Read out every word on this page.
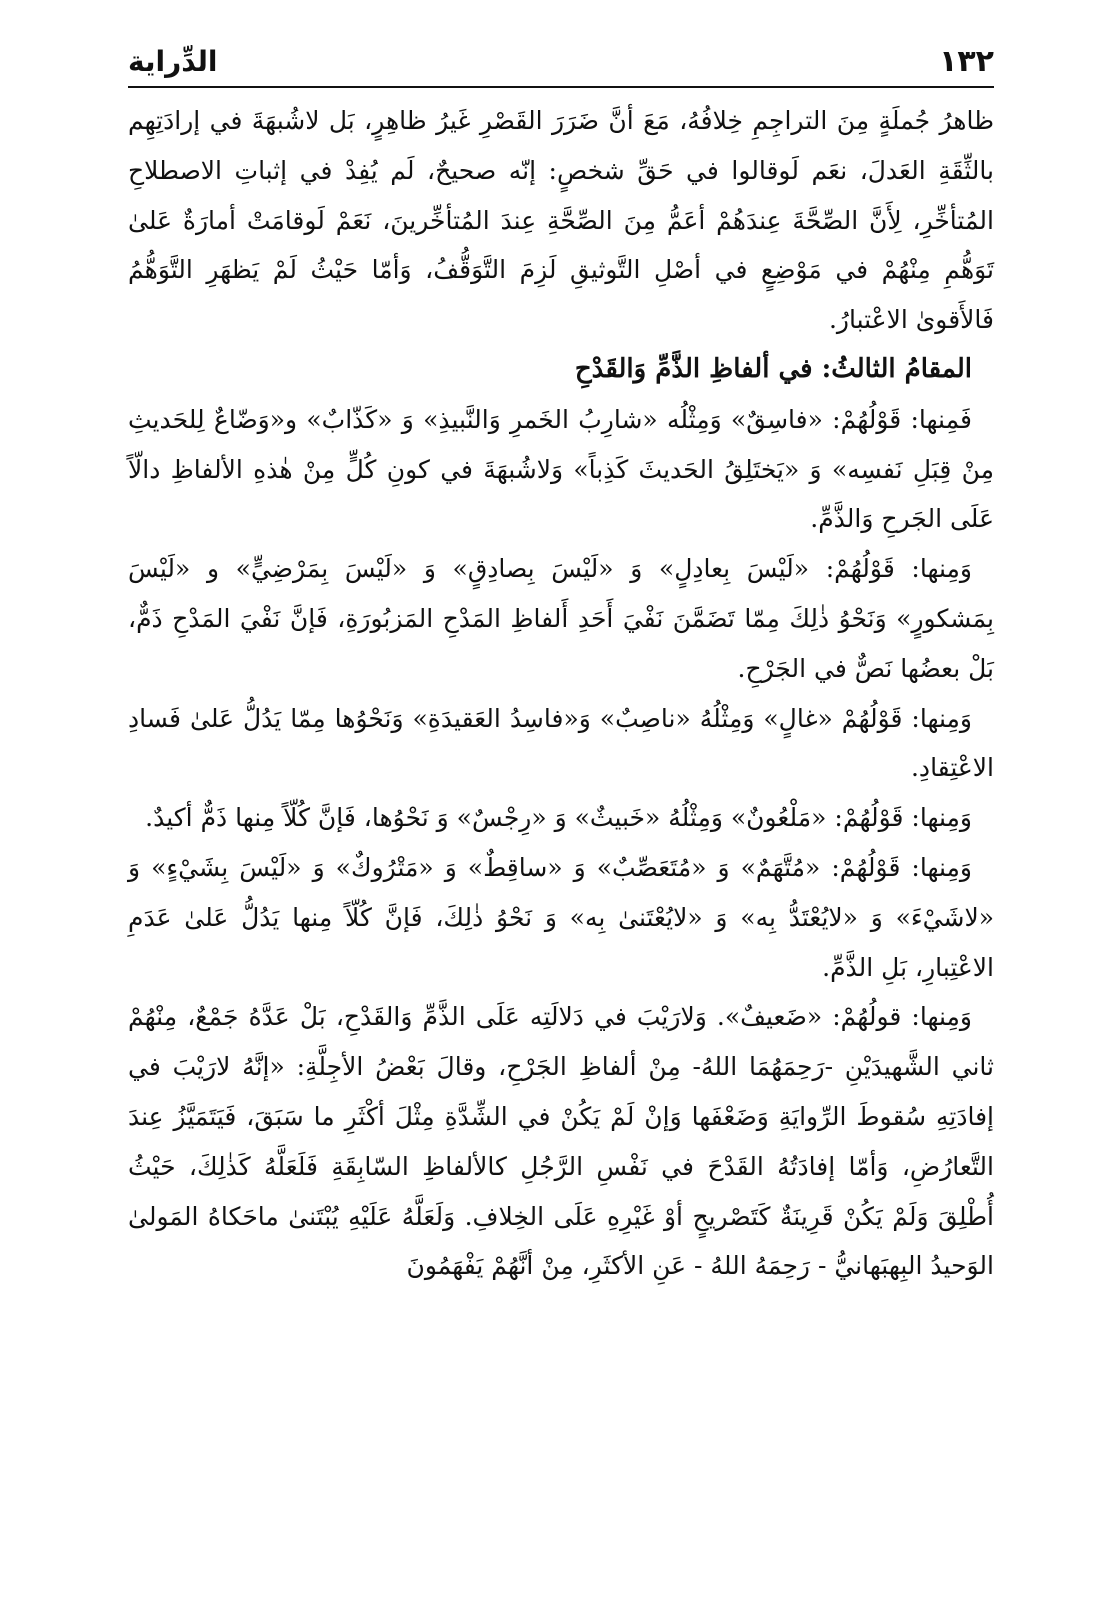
١٣٢
الدِّراية

ظاهرُ جُملَةٍ مِنَ التراجِمِ خِلافُهُ، مَعَ أنَّ ضَرَرَ القَصْرِ غَيرُ ظاهِرٍ، بَل لاشُبهَةَ في إرادَتِهِم بالثِّقَةِ العَدلَ، نعَم لَوقالوا في حَقِّ شخصٍ: إنّه صحيحٌ، لَم يُفِدْ في إثباتِ الاصطلاحِ المُتأخِّرِ، لِأَنَّ الصِّحَّةَ عِندَهُمْ أعَمُّ مِنَ الصِّحَّةِ عِندَ المُتأخِّرينَ، نَعَمْ لَوقامَتْ أمارَةٌ عَلىٰ تَوَهُّمِ مِنْهُمْ في مَوْضِعٍ في أصْلِ التَّوثيقِ لَزِمَ التَّوَقُّفُ، وَأمّا حَيْثُ لَمْ يَظهَرِ التَّوَهُّمُ فَالأَقوىٰ الاعْتبارُ.

المقامُ الثالثُ: في ألفاظِ الذَّمِّ وَالقَدْحِ

فَمِنها: قَوْلُهُمْ: «فاسِقٌ» وَمِثْلُه «شارِبُ الخَمرِ وَالنَّبيذِ» وَ «كَذّابٌ» و«وَضّاعٌ لِلحَديثِ مِنْ قِبَلِ نَفسِه» وَ «يَختَلِقُ الحَديثَ كَذِباً» وَلاشُبهَةَ في كونِ كُلٍّ مِنْ هٰذهِ الألفاظِ دالّاً عَلَى الجَرحِ وَالذَّمِّ.

وَمِنها: قَوْلُهُمْ: «لَيْسَ بِعادِلٍ» وَ «لَيْسَ بِصادِقٍ» وَ «لَيْسَ بِمَرْضِيٍّ» و «لَيْسَ بِمَشكورٍ» وَنَحْوُ ذٰلِكَ مِمّا تَضَمَّنَ نَفْيَ أَحَدِ أَلفاظِ المَدْحِ المَزبُورَةِ، فَإنَّ نَفْيَ المَدْحِ ذَمٌّ، بَلْ بعضُها نَصٌّ في الجَرْحِ.

وَمِنها: قَوْلُهُمْ «غالٍ» وَمِثْلُهُ «ناصِبٌ» وَ«فاسِدُ العَقيدَةِ» وَنَحْوُها مِمّا يَدُلُّ عَلىٰ فَسادِ الاعْتِقادِ.

وَمِنها: قَوْلُهُمْ: «مَلْعُونٌ» وَمِثْلُهُ «خَبيثٌ» وَ «رِجْسٌ» وَ نَحْوُها، فَإنَّ كُلّاً مِنها ذَمٌّ أكيدٌ.

وَمِنها: قَوْلُهُمْ: «مُتَّهَمٌ» وَ «مُتَعَصِّبٌ» وَ «ساقِطٌ» وَ «مَتْرُوكٌ» وَ «لَيْسَ بِشَيْءٍ» وَ «لاشَيْءَ» وَ «لايُعْتَدُّ بِه» وَ «لايُعْتَنىٰ بِه» وَ نَحْوُ ذٰلِكَ، فَإنَّ كُلّاً مِنها يَدُلُّ عَلىٰ عَدَمِ الاعْتِبارِ، بَلِ الذَّمِّ.

وَمِنها: قولُهُمْ: «ضَعيفٌ». وَلارَيْبَ في دَلالَتِه عَلَى الذَّمِّ وَالقَدْحِ، بَلْ عَدَّهُ جَمْعٌ، مِنْهُمْ ثاني الشَّهيدَيْنِ -رَحِمَهُمَا اللهُ- مِنْ ألفاظِ الجَرْحِ، وقالَ بَعْضُ الأجِلَّةِ: «إنَّهُ لارَيْبَ في إفادَتِهِ سُقوطَ الرِّوايَةِ وَضَعْفَها وَإنْ لَمْ يَكُنْ في الشِّدَّةِ مِثْلَ أكْثَرِ ما سَبَقَ، فَيَتَمَيَّزُ عِندَ التَّعارُضِ، وَأمّا إفادَتُهُ القَدْحَ في نَفْسِ الرَّجُلِ كالألفاظِ السّابِقَةِ فَلَعَلَّهُ كَذٰلِكَ، حَيْثُ أُطْلِقَ وَلَمْ يَكُنْ قَرِينَةٌ كَتَصْريحٍ أوْ غَيْرِهِ عَلَى الخِلافِ. وَلَعَلَّهُ عَلَيْهِ يُبْتَنىٰ ماحَكاهُ المَولىٰ الوَحيدُ البِهبَهانيُّ - رَحِمَهُ اللهُ - عَنِ الأكثَرِ، مِنْ أنَّهُمْ يَفْهَمُونَ
